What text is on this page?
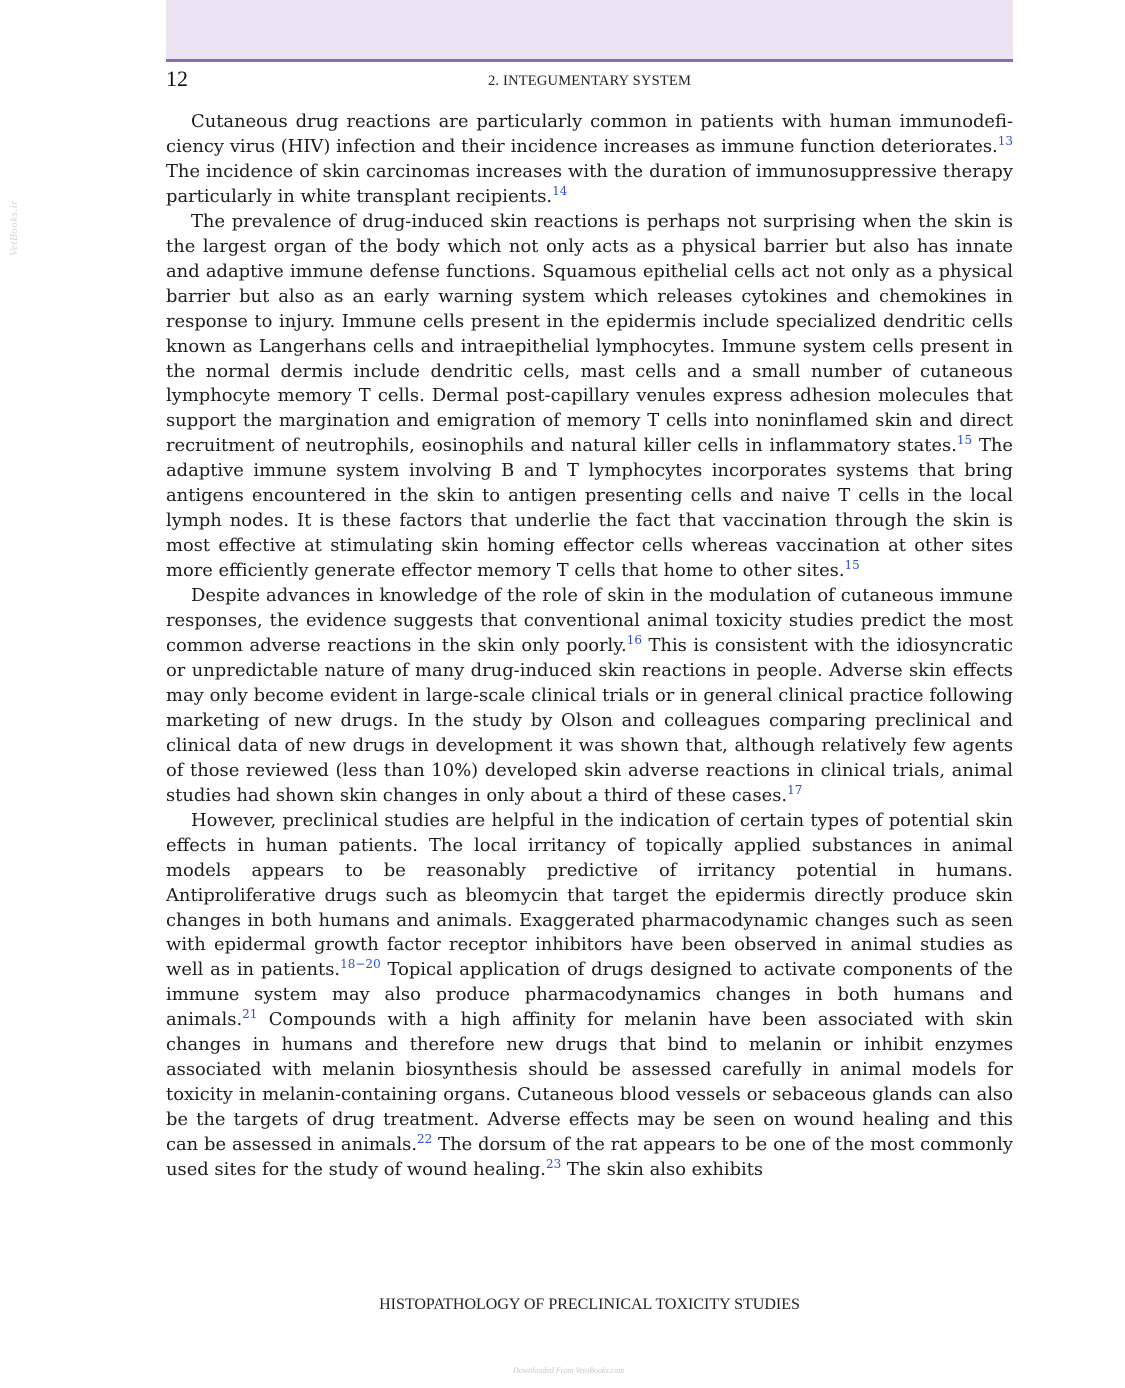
VetBooks.ir
12	2. INTEGUMENTARY SYSTEM

Cutaneous drug reactions are particularly common in patients with human immunodeficiency virus (HIV) infection and their incidence increases as immune function deteriorates.$^{13}$ The incidence of skin carcinomas increases with the duration of immunosuppressive therapy particularly in white transplant recipients.$^{14}$

The prevalence of drug-induced skin reactions is perhaps not surprising when the skin is the largest organ of the body which not only acts as a physical barrier but also has innate and adaptive immune defense functions. Squamous epithelial cells act not only as a physical barrier but also as an early warning system which releases cytokines and chemokines in response to injury. Immune cells present in the epidermis include specialized dendritic cells known as Langerhans cells and intraepithelial lymphocytes. Immune system cells present in the normal dermis include dendritic cells, mast cells and a small number of cutaneous lymphocyte memory T cells. Dermal post-capillary venules express adhesion molecules that support the margination and emigration of memory T cells into noninflamed skin and direct recruitment of neutrophils, eosinophils and natural killer cells in inflammatory states.$^{15}$ The adaptive immune system involving B and T lymphocytes incorporates systems that bring antigens encountered in the skin to antigen presenting cells and naive T cells in the local lymph nodes. It is these factors that underlie the fact that vaccination through the skin is most effective at stimulating skin homing effector cells whereas vaccination at other sites more efficiently generate effector memory T cells that home to other sites.$^{15}$

Despite advances in knowledge of the role of skin in the modulation of cutaneous immune responses, the evidence suggests that conventional animal toxicity studies predict the most common adverse reactions in the skin only poorly.$^{16}$ This is consistent with the idiosyncratic or unpredictable nature of many drug-induced skin reactions in people. Adverse skin effects may only become evident in large-scale clinical trials or in general clinical practice following marketing of new drugs. In the study by Olson and colleagues comparing preclinical and clinical data of new drugs in development it was shown that, although relatively few agents of those reviewed (less than 10%) developed skin adverse reactions in clinical trials, animal studies had shown skin changes in only about a third of these cases.$^{17}$

However, preclinical studies are helpful in the indication of certain types of potential skin effects in human patients. The local irritancy of topically applied substances in animal models appears to be reasonably predictive of irritancy potential in humans. Antiproliferative drugs such as bleomycin that target the epidermis directly produce skin changes in both humans and animals. Exaggerated pharmacodynamic changes such as seen with epidermal growth factor receptor inhibitors have been observed in animal studies as well as in patients.$^{18-20}$ Topical application of drugs designed to activate components of the immune system may also produce pharmacodynamics changes in both humans and animals.$^{21}$ Compounds with a high affinity for melanin have been associated with skin changes in humans and therefore new drugs that bind to melanin or inhibit enzymes associated with melanin biosynthesis should be assessed carefully in animal models for toxicity in melanin-containing organs. Cutaneous blood vessels or sebaceous glands can also be the targets of drug treatment. Adverse effects may be seen on wound healing and this can be assessed in animals.$^{22}$ The dorsum of the rat appears to be one of the most commonly used sites for the study of wound healing.$^{23}$ The skin also exhibits

HISTOPATHOLOGY OF PRECLINICAL TOXICITY STUDIES
Downloaded From VetoBooks.com
